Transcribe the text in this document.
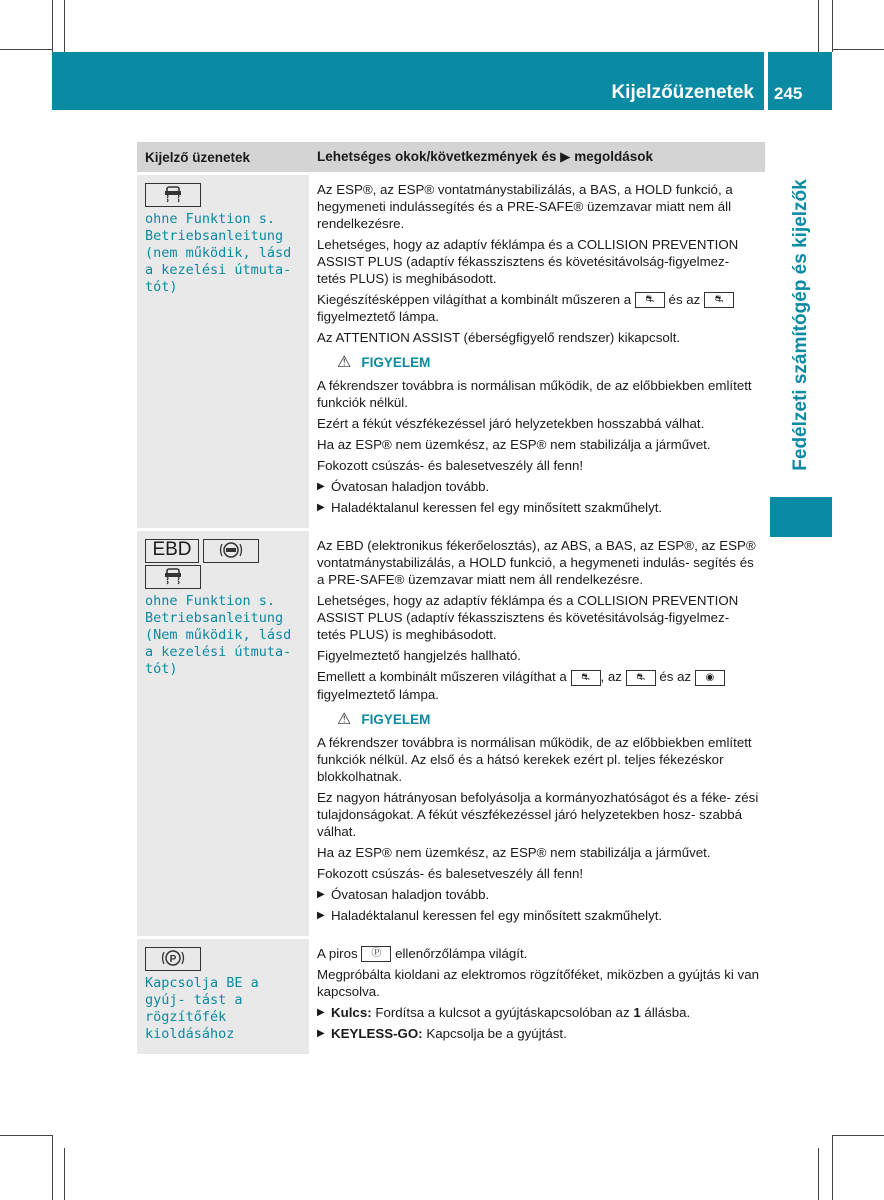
Kijelzőüzenetek 245
Fedélzeti számítógép és kijelzők
Kijelző üzenetek	Lehetséges okok/következmények és ▶ megoldások
ohne Funktion s. Betriebsanleitung (nem működik, lásd a kezelési útmuta- tót)

Az ESP®, az ESP® vontatmánystabilizálás, a BAS, a HOLD funkció, a hegymeneti indulássegítés és a PRE-SAFE® üzemzavar miatt nem áll rendelkezésre.

Lehetséges, hogy az adaptív féklámpa és a COLLISION PREVENTION ASSIST PLUS (adaptív fékasszisztens és követésitávolság-figyelmez- tetés PLUS) is meghibásodott.

Kiegészítésképpen világíthat a kombinált műszeren a ⛐ és az ⛐ figyelmeztető lámpa.

Az ATTENTION ASSIST (éberségfigyelő rendszer) kikapcsolt.

⚠ FIGYELEM

A fékrendszer továbbra is normálisan működik, de az előbbiekben említett funkciók nélkül.

Ezért a fékút vészfékezéssel járó helyzetekben hosszabbá válhat.

Ha az ESP® nem üzemkész, az ESP® nem stabilizálja a járművet.

Fokozott csúszás- és balesetveszély áll fenn!

▶ Óvatosan haladjon tovább.
▶ Haladéktalanul keressen fel egy minősített szakműhelyt.
EBD
ohne Funktion s. Betriebsanleitung (Nem működik, lásd a kezelési útmuta- tót)

Az EBD (elektronikus fékerőelosztás), az ABS, a BAS, az ESP®, az ESP® vontatmánystabilizálás, a HOLD funkció, a hegymeneti indulás- segítés és a PRE-SAFE® üzemzavar miatt nem áll rendelkezésre.

Lehetséges, hogy az adaptív féklámpa és a COLLISION PREVENTION ASSIST PLUS (adaptív fékasszisztens és követésitávolság-figyelmez- tetés PLUS) is meghibásodott.

Figyelmeztető hangjelzés hallható.

Emellett a kombinált műszeren világíthat a ⛐ , az ⛐ és az ◉ figyelmeztető lámpa.

⚠ FIGYELEM

A fékrendszer továbbra is normálisan működik, de az előbbiekben említett funkciók nélkül. Az első és a hátsó kerekek ezért pl. teljes fékezéskor blokkolhatnak.

Ez nagyon hátrányosan befolyásolja a kormányozhatóságot és a féke- zési tulajdonságokat. A fékút vészfékezéssel járó helyzetekben hosz- szabbá válhat.

Ha az ESP® nem üzemkész, az ESP® nem stabilizálja a járművet.

Fokozott csúszás- és balesetveszély áll fenn!

▶ Óvatosan haladjon tovább.
▶ Haladéktalanul keressen fel egy minősített szakműhelyt.
P
Kapcsolja BE a gyúj- tást a rögzítőfék kioldásához

A piros Ⓟ ellenőrzőlámpa világít.

Megpróbálta kioldani az elektromos rögzítőféket, miközben a gyújtás ki van kapcsolva.

▶ Kulcs: Fordítsa a kulcsot a gyújtáskapcsolóban az 1 állásba.
▶ KEYLESS-GO: Kapcsolja be a gyújtást.
